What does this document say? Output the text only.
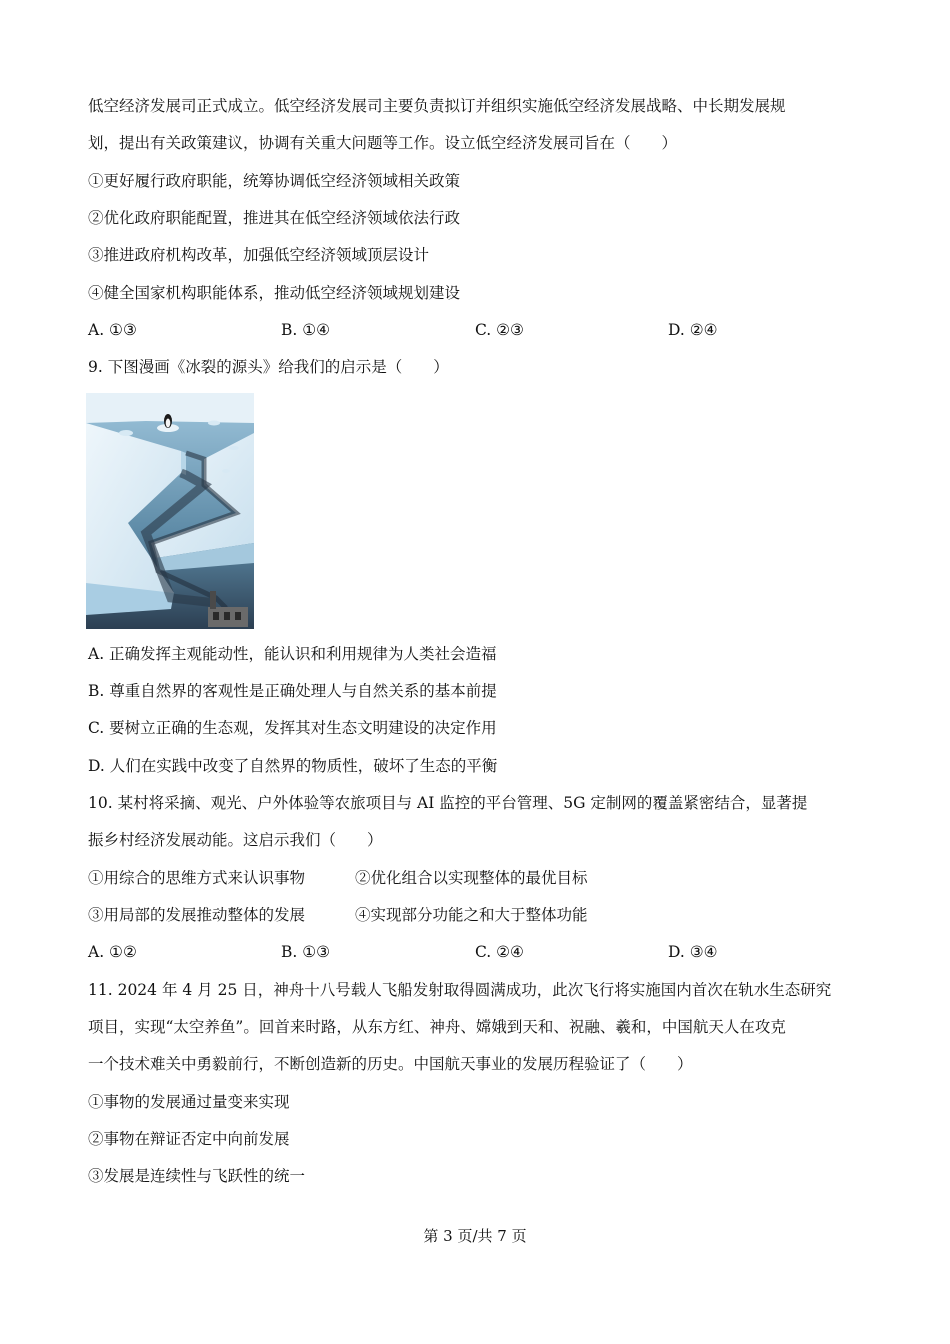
低空经济发展司正式成立。低空经济发展司主要负责拟订并组织实施低空经济发展战略、中长期发展规
划，提出有关政策建议，协调有关重大问题等工作。设立低空经济发展司旨在（　　）
①更好履行政府职能，统筹协调低空经济领域相关政策
②优化政府职能配置，推进其在低空经济领域依法行政
③推进政府机构改革，加强低空经济领域顶层设计
④健全国家机构职能体系，推动低空经济领域规划建设
A. ①③	B. ①④	C. ②③	D. ②④
9. 下图漫画《冰裂的源头》给我们的启示是（　　）
A. 正确发挥主观能动性，能认识和利用规律为人类社会造福
B. 尊重自然界的客观性是正确处理人与自然关系的基本前提
C. 要树立正确的生态观，发挥其对生态文明建设的决定作用
D. 人们在实践中改变了自然界的物质性，破坏了生态的平衡
10. 某村将采摘、观光、户外体验等农旅项目与 AI 监控的平台管理、5G 定制网的覆盖紧密结合，显著提
振乡村经济发展动能。这启示我们（　　）
①用综合的思维方式来认识事物	②优化组合以实现整体的最优目标
③用局部的发展推动整体的发展	④实现部分功能之和大于整体功能
A. ①②	B. ①③	C. ②④	D. ③④
11. 2024 年 4 月 25 日，神舟十八号载人飞船发射取得圆满成功，此次飞行将实施国内首次在轨水生态研究
项目，实现“太空养鱼”。回首来时路，从东方红、神舟、嫦娥到天和、祝融、羲和，中国航天人在攻克
一个技术难关中勇毅前行，不断创造新的历史。中国航天事业的发展历程验证了（　　）
①事物的发展通过量变来实现
②事物在辩证否定中向前发展
③发展是连续性与飞跃性的统一
第 3 页/共 7 页
